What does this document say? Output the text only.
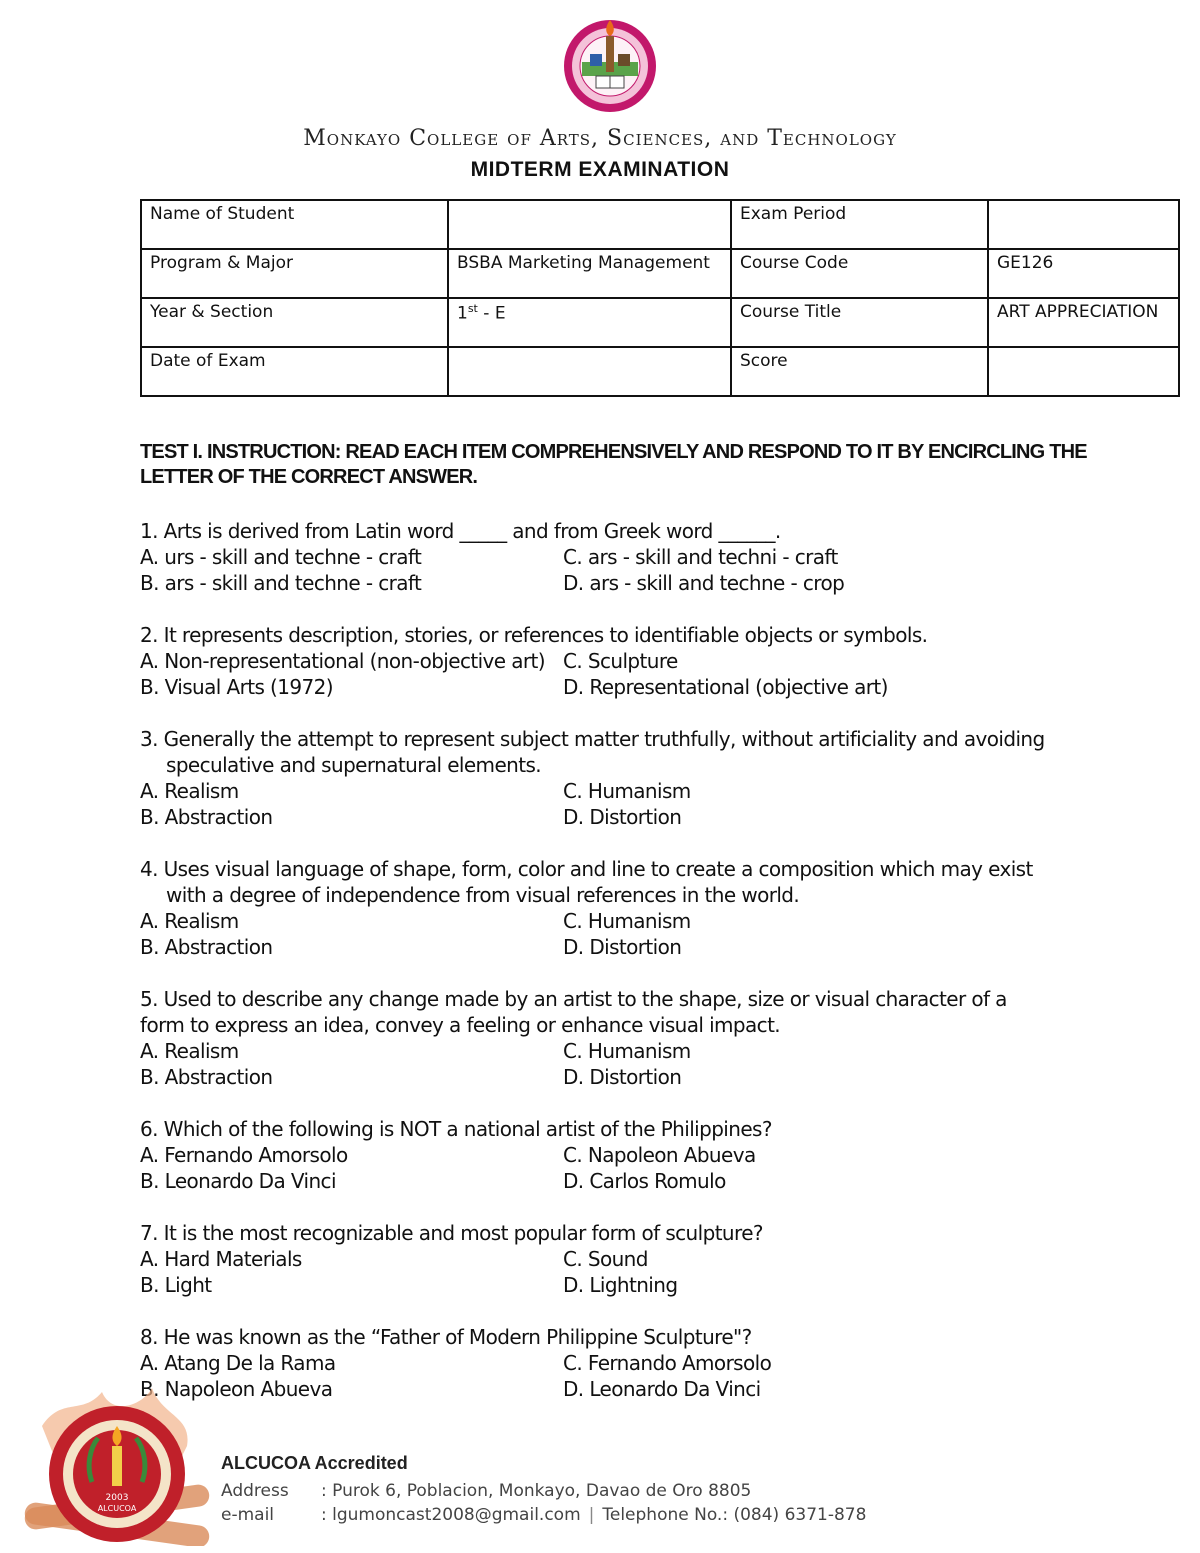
Monkayo College of Arts, Sciences, and Technology
MIDTERM EXAMINATION
Name of Student		Exam Period	
Program & Major	BSBA Marketing Management	Course Code	GE126
Year & Section	1st - E	Course Title	ART APPRECIATION
Date of Exam		Score	
TEST I. INSTRUCTION: READ EACH ITEM COMPREHENSIVELY AND RESPOND TO IT BY ENCIRCLING THE LETTER OF THE CORRECT ANSWER.
1. Arts is derived from Latin word _____ and from Greek word ______.
A. urs - skill and techne - craft	C. ars - skill and techni - craft
B. ars - skill and techne - craft	D. ars - skill and techne - crop
2. It represents description, stories, or references to identifiable objects or symbols.
A. Non-representational (non-objective art) C. Sculpture
B. Visual Arts (1972)	D. Representational (objective art)
3. Generally the attempt to represent subject matter truthfully, without artificiality and avoiding
speculative and supernatural elements.
A. Realism	C. Humanism
B. Abstraction	D. Distortion
4. Uses visual language of shape, form, color and line to create a composition which may exist
with a degree of independence from visual references in the world.
A. Realism	C. Humanism
B. Abstraction	D. Distortion
5. Used to describe any change made by an artist to the shape, size or visual character of a
form to express an idea, convey a feeling or enhance visual impact.
A. Realism	C. Humanism
B. Abstraction	D. Distortion
6. Which of the following is NOT a national artist of the Philippines?
A. Fernando Amorsolo	C. Napoleon Abueva
B. Leonardo Da Vinci	D. Carlos Romulo
7. It is the most recognizable and most popular form of sculpture?
A. Hard Materials	C. Sound
B. Light	D. Lightning
8. He was known as the “Father of Modern Philippine Sculpture"?
A. Atang De la Rama	C. Fernando Amorsolo
B. Napoleon Abueva	D. Leonardo Da Vinci
2003
ALCUCOA
ALCUCOA Accredited
Address : Purok 6, Poblacion, Monkayo, Davao de Oro 8805
e-mail	: lgumoncast2008@gmail.com | Telephone No.: (084) 6371-878
